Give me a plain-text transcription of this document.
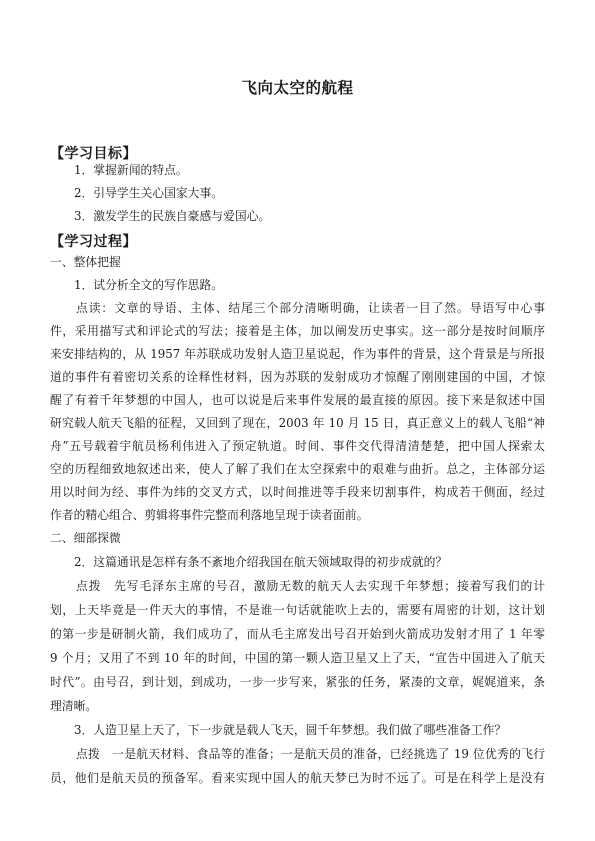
飞向太空的航程
【学习目标】
1．掌握新闻的特点。
2．引导学生关心国家大事。
3．激发学生的民族自豪感与爱国心。
【学习过程】
一、整体把握
1．试分析全文的写作思路。
点读：文章的导语、主体、结尾三个部分清晰明确，让读者一目了然。导语写中心事
件，采用描写式和评论式的写法；接着是主体，加以阐发历史事实。这一部分是按时间顺序
来安排结构的，从 1957 年苏联成功发射人造卫星说起，作为事件的背景，这个背景是与所报
道的事件有着密切关系的诠释性材料，因为苏联的发射成功才惊醒了刚刚建国的中国，才惊
醒了有着千年梦想的中国人，也可以说是后来事件发展的最直接的原因。接下来是叙述中国
研究载人航天飞船的征程，又回到了现在，2003 年 10 月 15 日，真正意义上的载人飞船“神
舟”五号载着宇航员杨利伟进入了预定轨道。时间、事件交代得清清楚楚，把中国人探索太
空的历程细致地叙述出来，使人了解了我们在太空探索中的艰难与曲折。总之，主体部分运
用以时间为经、事件为纬的交叉方式，以时间推进等手段来切割事件，构成若干侧面，经过
作者的精心组合、剪辑将事件完整而利落地呈现于读者面前。
二、细部探微
2．这篇通讯是怎样有条不紊地介绍我国在航天领域取得的初步成就的？
点拨　先写毛泽东主席的号召，激励无数的航天人去实现千年梦想；接着写我们的计
划，上天毕竟是一件天大的事情，不是谁一句话就能吹上去的，需要有周密的计划，这计划
的第一步是研制火箭，我们成功了，而从毛主席发出号召开始到火箭成功发射才用了 1 年零
9 个月；又用了不到 10 年的时间，中国的第一颗人造卫星又上了天，“宣告中国进入了航天
时代”。由号召，到计划，到成功，一步一步写来，紧张的任务，紧凑的文章，娓娓道来，条
理清晰。
3．人造卫星上天了，下一步就是载人飞天，圆千年梦想。我们做了哪些准备工作？
点拨　一是航天材料、食品等的准备；一是航天员的准备，已经挑选了 19 位优秀的飞行
员，他们是航天员的预备军。看来实现中国人的航天梦已为时不远了。可是在科学上是没有
